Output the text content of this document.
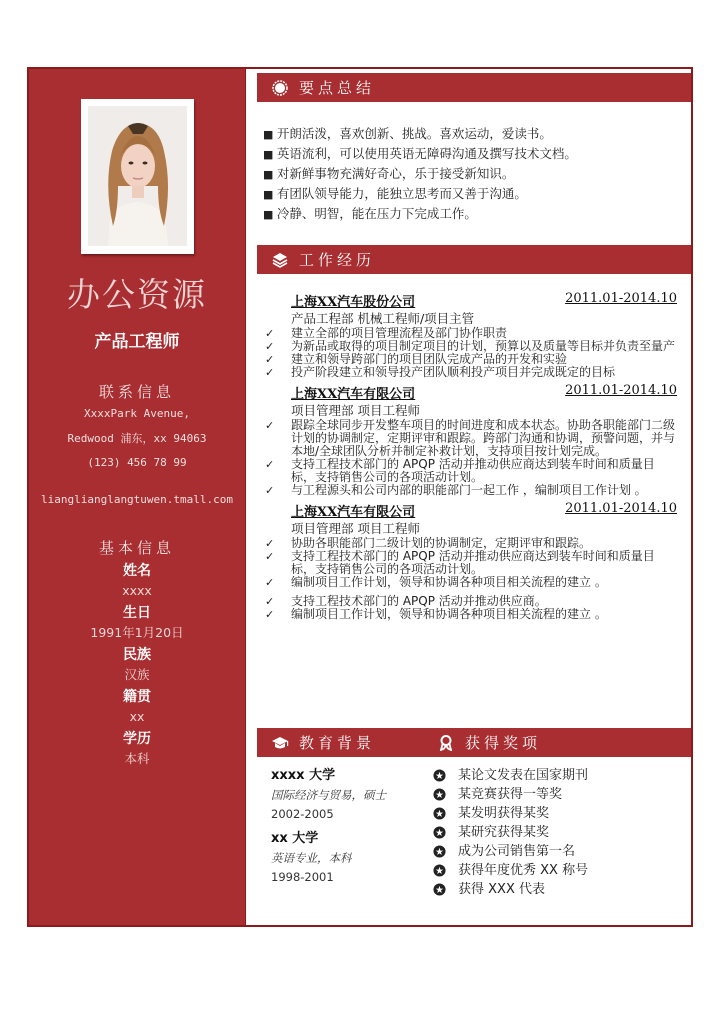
办公资源
产品工程师
联系信息
XxxxPark Avenue,
Redwood 浦东，xx 94063
(123) 456 78 99
lianglianglangtuwen.tmall.com
基本信息
姓名
xxxx
生日
1991年1月20日
民族
汉族
籍贯
xx
学历
本科
要点总结
■ 开朗活泼，喜欢创新、挑战。喜欢运动，爱读书。
■ 英语流利，可以使用英语无障碍沟通及撰写技术文档。
■ 对新鲜事物充满好奇心，乐于接受新知识。
■ 有团队领导能力，能独立思考而又善于沟通。
■ 冷静、明智，能在压力下完成工作。
工作经历
上海XX汽车股份公司	2011.01-2014.10
产品工程部 机械工程师/项目主管
✓	建立全部的项目管理流程及部门协作职责
✓	为新品或取得的项目制定项目的计划，预算以及质量等目标并负责至量产
✓	建立和领导跨部门的项目团队完成产品的开发和实验
✓	投产阶段建立和领导投产团队顺利投产项目并完成既定的目标
上海XX汽车有限公司	2011.01-2014.10
项目管理部 项目工程师
✓	跟踪全球同步开发整车项目的时间进度和成本状态。协助各职能部门二级计划的协调制定，定期评审和跟踪。跨部门沟通和协调，预警问题，并与本地/全球团队分析并制定补救计划，支持项目按计划完成。
✓	支持工程技术部门的 APQP 活动并推动供应商达到装车时间和质量目标，支持销售公司的各项活动计划。
✓	与工程源头和公司内部的职能部门一起工作 ，编制项目工作计划 。
上海XX汽车有限公司	2011.01-2014.10
项目管理部 项目工程师
✓	协助各职能部门二级计划的协调制定，定期评审和跟踪。
✓	支持工程技术部门的 APQP 活动并推动供应商达到装车时间和质量目标，支持销售公司的各项活动计划。
✓	编制项目工作计划，领导和协调各种项目相关流程的建立 。
✓	支持工程技术部门的 APQP 活动并推动供应商。
✓	编制项目工作计划，领导和协调各种项目相关流程的建立 。
教育背景	获得奖项
xxxx 大学
国际经济与贸易，硕士
2002-2005
xx 大学
英语专业，本科
1998-2001
某论文发表在国家期刊
某竞赛获得一等奖
某发明获得某奖
某研究获得某奖
成为公司销售第一名
获得年度优秀 XX 称号
获得 XXX 代表
